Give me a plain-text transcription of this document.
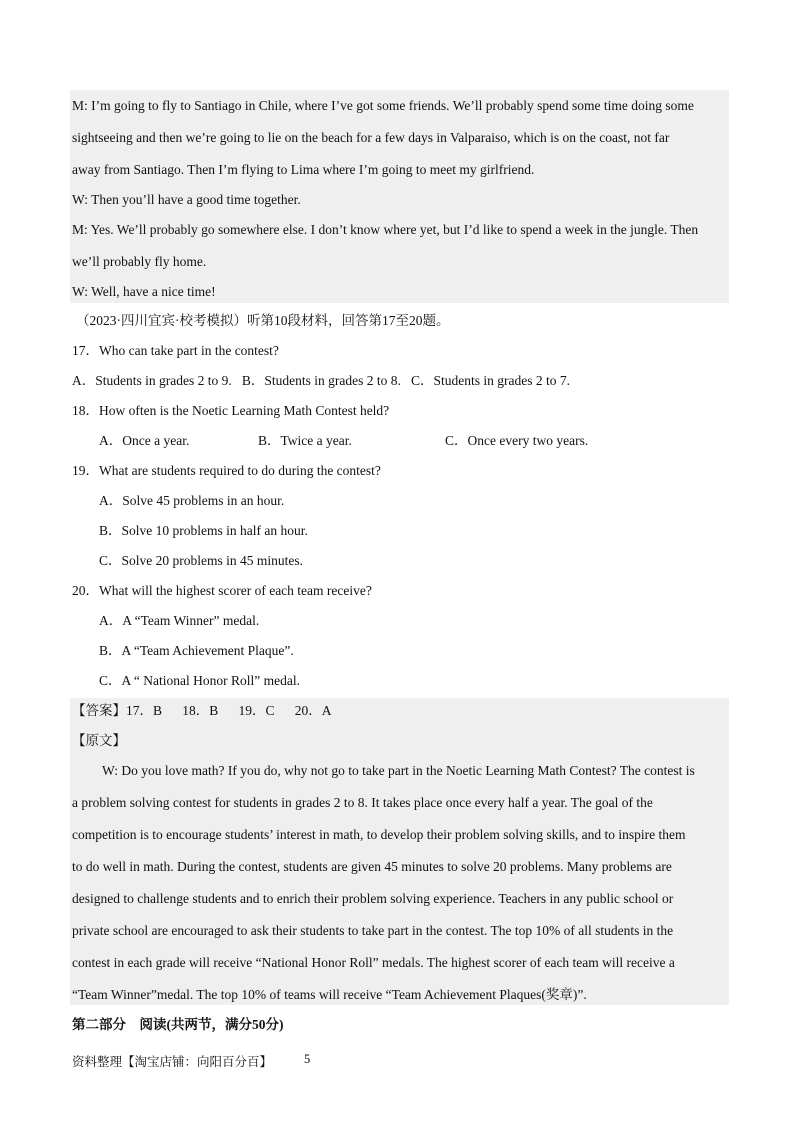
M: I’m going to fly to Santiago in Chile, where I’ve got some friends. We’ll probably spend some time doing some
sightseeing and then we’re going to lie on the beach for a few days in Valparaiso, which is on the coast, not far
away from Santiago. Then I’m flying to Lima where I’m going to meet my girlfriend.
W: Then you’ll have a good time together.
M: Yes. We’ll probably go somewhere else. I don’t know where yet, but I’d like to spend a week in the jungle. Then
we’ll probably fly home.
W: Well, have a nice time!
（2023·四川宜宾·校考模拟）听第10段材料，回答第17至20题。
17．Who can take part in the contest?
A．Students in grades 2 to 9.   B．Students in grades 2 to 8.   C．Students in grades 2 to 7.
18．How often is the Noetic Learning Math Contest held?
A．Once a year.	B．Twice a year.	C．Once every two years.
19．What are students required to do during the contest?
A．Solve 45 problems in an hour.
B．Solve 10 problems in half an hour.
C．Solve 20 problems in 45 minutes.
20．What will the highest scorer of each team receive?
A．A “Team Winner” medal.
B．A “Team Achievement Plaque”.
C．A “ National Honor Roll” medal.
【答案】17．B      18．B      19．C      20．A
【原文】
W: Do you love math? If you do, why not go to take part in the Noetic Learning Math Contest? The contest is
a problem solving contest for students in grades 2 to 8. It takes place once every half a year. The goal of the
competition is to encourage students’ interest in math, to develop their problem solving skills, and to inspire them
to do well in math. During the contest, students are given 45 minutes to solve 20 problems. Many problems are
designed to challenge students and to enrich their problem solving experience. Teachers in any public school or
private school are encouraged to ask their students to take part in the contest. The top 10% of all students in the
contest in each grade will receive “National Honor Roll” medals. The highest scorer of each team will receive a
“Team Winner”medal. The top 10% of teams will receive “Team Achievement Plaques(奖章)”.
第二部分    阅读(共两节，满分50分)
资料整理【淘宝店铺：向阳百分百】	5
